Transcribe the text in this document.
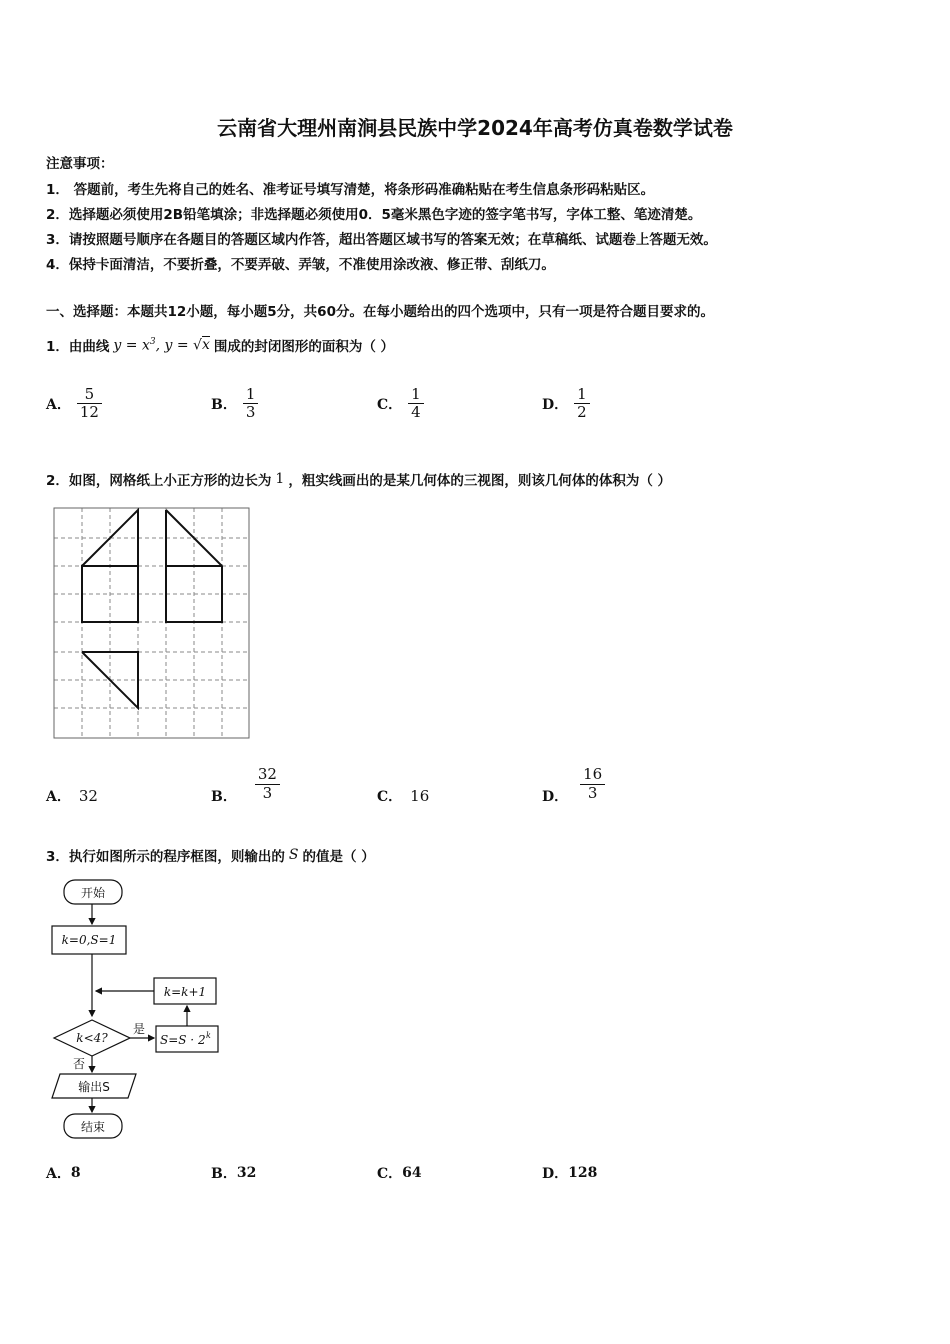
云南省大理州南涧县民族中学2024年高考仿真卷数学试卷
注意事项：
1． 答题前，考生先将自己的姓名、准考证号填写清楚，将条形码准确粘贴在考生信息条形码粘贴区。
2．选择题必须使用2B铅笔填涂；非选择题必须使用0．5毫米黑色字迹的签字笔书写，字体工整、笔迹清楚。
3．请按照题号顺序在各题目的答题区域内作答，超出答题区域书写的答案无效；在草稿纸、试题卷上答题无效。
4．保持卡面清洁，不要折叠，不要弄破、弄皱，不准使用涂改液、修正带、刮纸刀。
一、选择题：本题共12小题，每小题5分，共60分。在每小题给出的四个选项中，只有一项是符合题目要求的。
1．由曲线 $y = x^3$, y = √x 围成的封闭图形的面积为（ ）
A． $\frac{5}{12}$	B． $\frac{1}{3}$	C． $\frac{1}{4}$	D． $\frac{1}{2}$
2．如图，网格纸上小正方形的边长为 1 ，粗实线画出的是某几何体的三视图，则该几何体的体积为（ ）
A． 32	B． $\frac{32}{3}$	C． 16	D． $\frac{16}{3}$
3．执行如图所示的程序框图，则输出的 S 的值是（ ）
开始
k=0,S=1
k<4?
是
否
S=S · 2 k
k=k+1
输出S
结束
A． 8	B． 32	C． 64	D． 128
